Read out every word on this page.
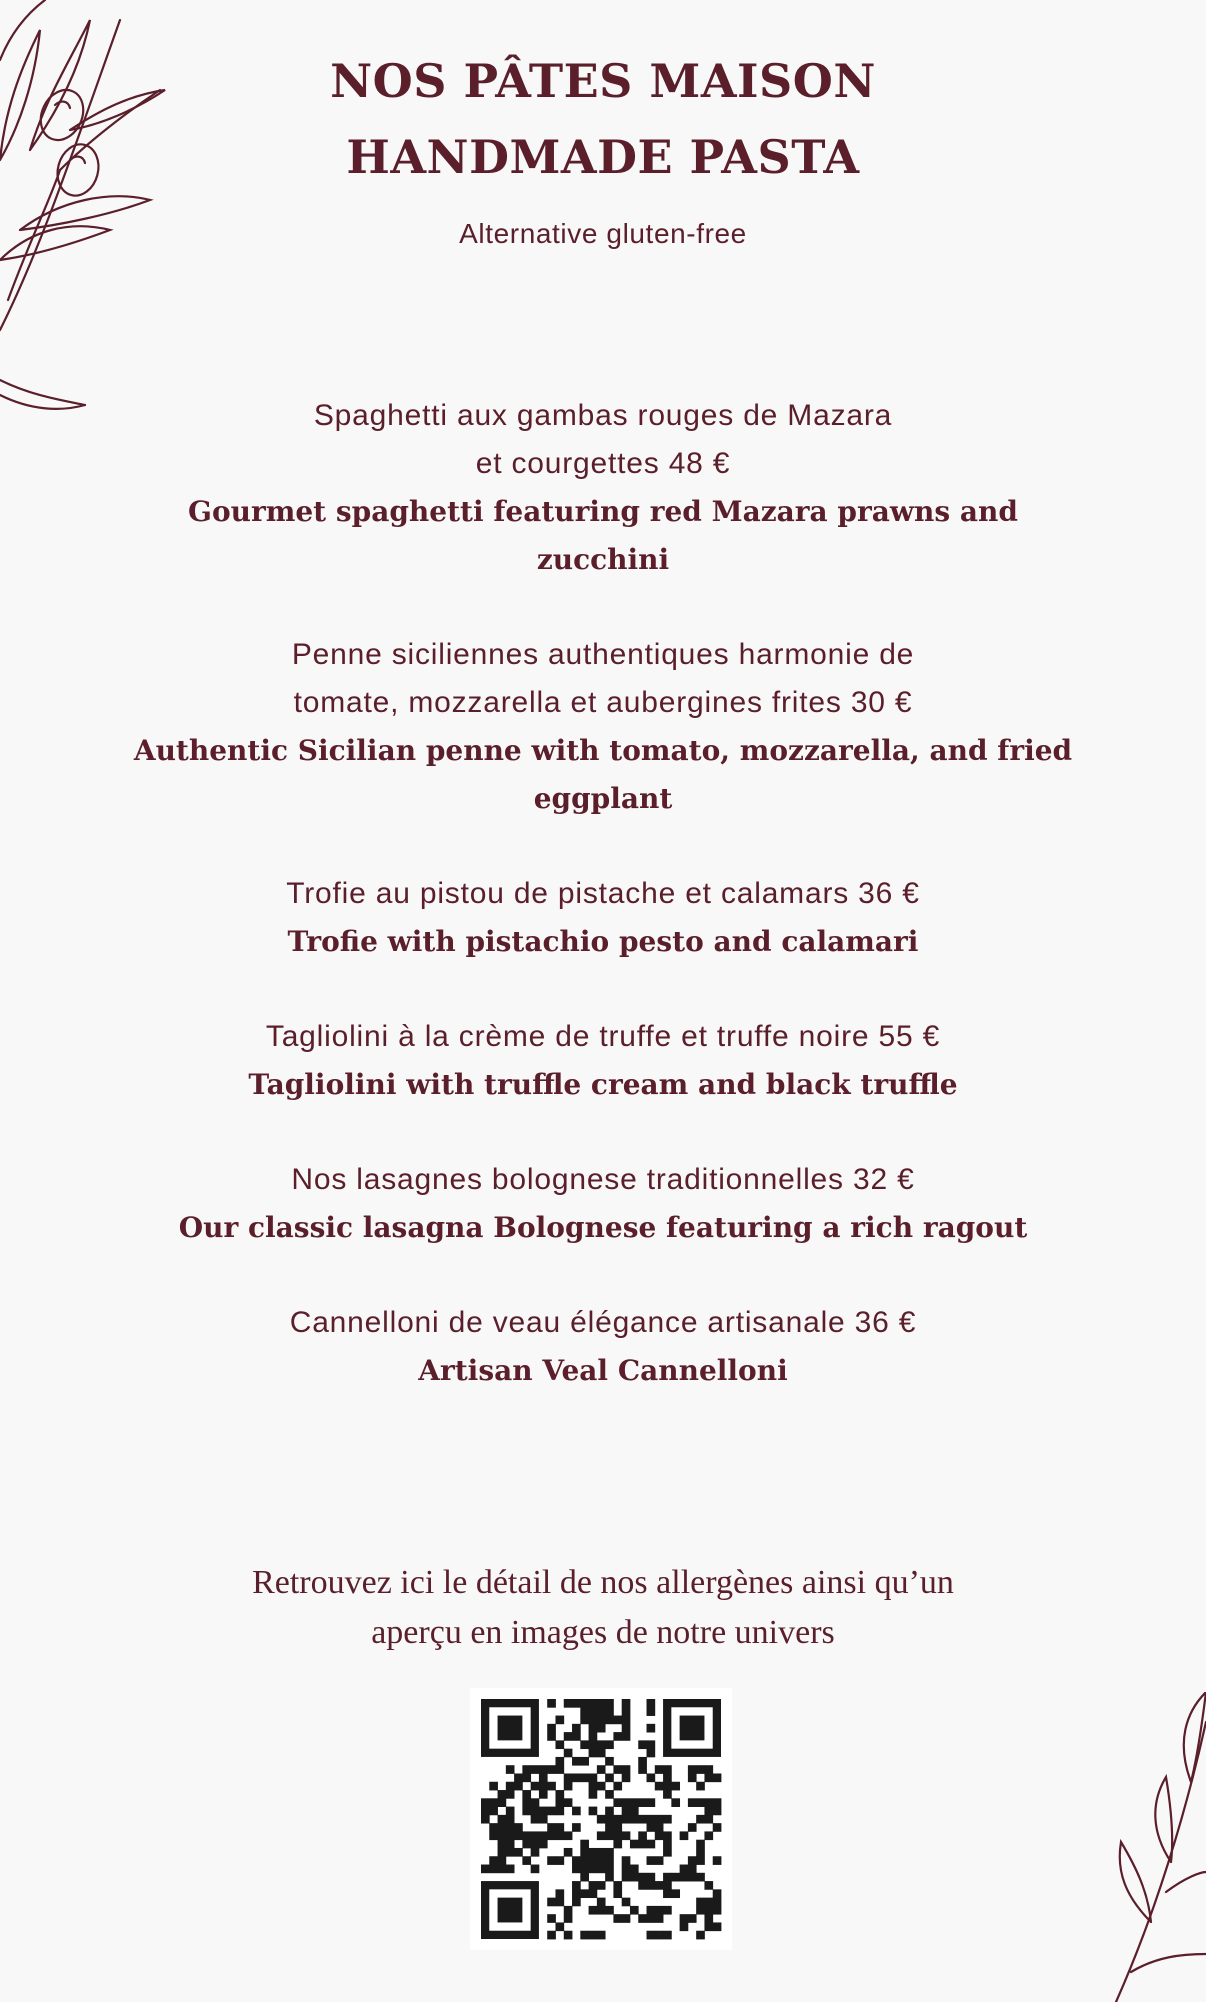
NOS PÂTES MAISON
HANDMADE PASTA
Alternative gluten-free
Spaghetti aux gambas rouges de Mazara
et courgettes 48 €
Gourmet spaghetti featuring red Mazara prawns and zucchini
Penne siciliennes authentiques harmonie de
tomate, mozzarella et aubergines frites 30 €
Authentic Sicilian penne with tomato, mozzarella, and fried eggplant
Trofie au pistou de pistache et calamars 36 €
Trofie with pistachio pesto and calamari
Tagliolini à la crème de truffe et truffe noire 55 €
Tagliolini with truffle cream and black truffle
Nos lasagnes bolognese traditionnelles 32 €
Our classic lasagna Bolognese featuring a rich ragout
Cannelloni de veau élégance artisanale 36 €
Artisan Veal Cannelloni
Retrouvez ici le détail de nos allergènes ainsi qu’un
aperçu en images de notre univers
